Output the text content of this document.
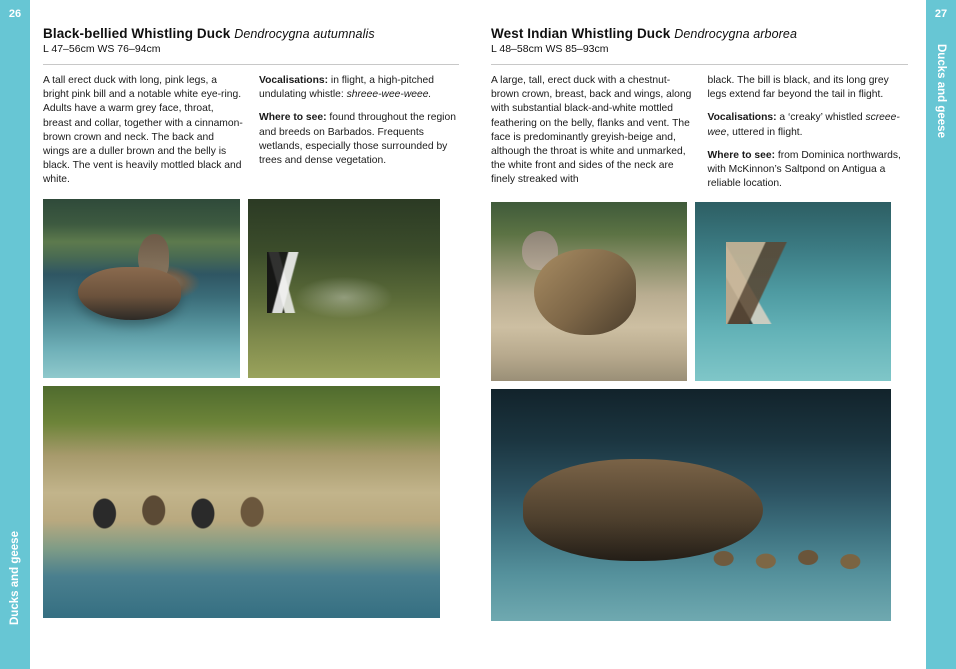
26
Ducks and geese
Black-bellied Whistling Duck Dendrocygna autumnalis
L 47–56cm WS 76–94cm

A tall erect duck with long, pink legs, a bright pink bill and a notable white eye-ring. Adults have a warm grey face, throat, breast and collar, together with a cinnamon-brown crown and neck. The back and wings are a duller brown and the belly is black. The vent is heavily mottled black and white.

Vocalisations: in flight, a high-pitched undulating whistle: shreee-wee-weee.

Where to see: found throughout the region and breeds on Barbados. Frequents wetlands, especially those surrounded by trees and dense vegetation.

West Indian Whistling Duck Dendrocygna arborea
L 48–58cm WS 85–93cm

A large, tall, erect duck with a chestnut-brown crown, breast, back and wings, along with substantial black-and-white mottled feathering on the belly, flanks and vent. The face is predominantly greyish-beige and, although the throat is white and unmarked, the white front and sides of the neck are finely streaked with

black. The bill is black, and its long grey legs extend far beyond the tail in flight.

Vocalisations: a ‘creaky’ whistled screee-wee, uttered in flight.

Where to see: from Dominica northwards, with McKinnon’s Saltpond on Antigua a reliable location.

27
Ducks and geese
